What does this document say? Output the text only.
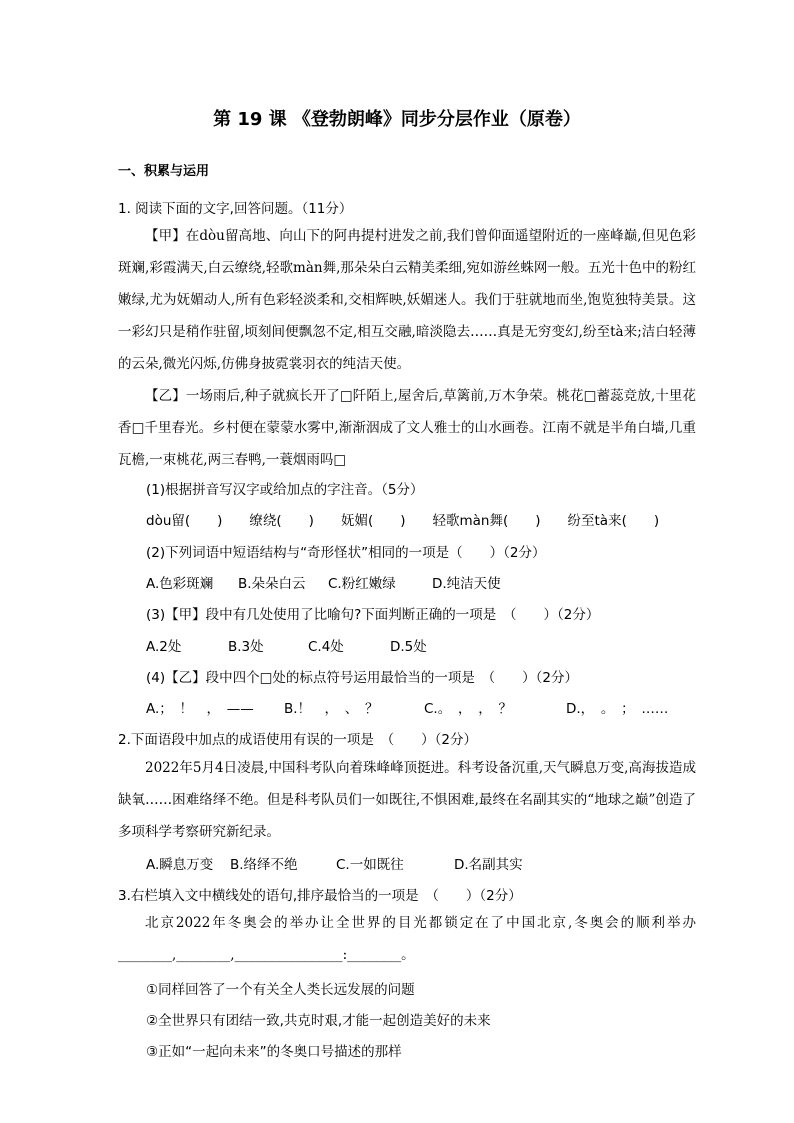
第 19 课 《登勃朗峰》同步分层作业（原卷）
一、积累与运用
1. 阅读下面的文字,回答问题。（11分）
【甲】在dòu留高地、向山下的阿冉提村进发之前,我们曾仰面遥望附近的一座峰巅,但见色彩斑斓,彩霞满天,白云缭绕,轻歌màn舞,那朵朵白云精美柔细,宛如游丝蛛网一般。五光十色中的粉红嫩绿,尤为妩媚动人,所有色彩轻淡柔和,交相辉映,妖媚迷人。我们于驻就地而坐,饱览独特美景。这一彩幻只是稍作驻留,顷刻间便飘忽不定,相互交融,暗淡隐去……真是无穷变幻,纷至tà来;洁白轻薄的云朵,微光闪烁,仿佛身披霓裳羽衣的纯洁天使。
【乙】一场雨后,种子就疯长开了□阡陌上,屋舍后,草篱前,万木争荣。桃花□蓄蕊竞放,十里花香□千里春光。乡村便在蒙蒙水雾中,渐渐洇成了文人雅士的山水画卷。江南不就是半角白墙,几重瓦檐,一束桃花,两三春鸭,一蓑烟雨吗□
(1)根据拼音写汉字或给加点的字注音。（5分）
dòu留(　　)　　缭绕(　　)　　妩媚(　　)　　轻歌màn舞(　　)　　纷至tà来(　　)
(2)下列词语中短语结构与“奇形怪状”相同的一项是（　　）（2分）
A.色彩斑斓	B.朵朵白云	C.粉红嫩绿	D.纯洁天使
(3)【甲】段中有几处使用了比喻句?下面判断正确的一项是　（　　）（2分）
A.2处	B.3处	C.4处	D.5处
(4)【乙】段中四个□处的标点符号运用最恰当的一项是　（　　）（2分）
A.；　！　，　——	B.！　，　、　？	C.。　，　，　？	D.，　。　；　……
2.下面语段中加点的成语使用有误的一项是　（　　）（2分）
2022年5月4日凌晨,中国科考队向着珠峰峰顶挺进。科考设备沉重,天气瞬息万变,高海拔造成缺氧……困难络绎不绝。但是科考队员们一如既往,不惧困难,最终在名副其实的“地球之巅”创造了多项科学考察研究新纪录。
A.瞬息万变	B.络绎不绝	C.一如既往	D.名副其实
3.右栏填入文中横线处的语句,排序最恰当的一项是　（　　）（2分）
北京2022年冬奥会的举办让全世界的目光都锁定在了中国北京,冬奥会的顺利举办________,________,________________:________。
①同样回答了一个有关全人类长远发展的问题
②全世界只有团结一致,共克时艰,才能一起创造美好的未来
③正如“一起向未来”的冬奥口号描述的那样
